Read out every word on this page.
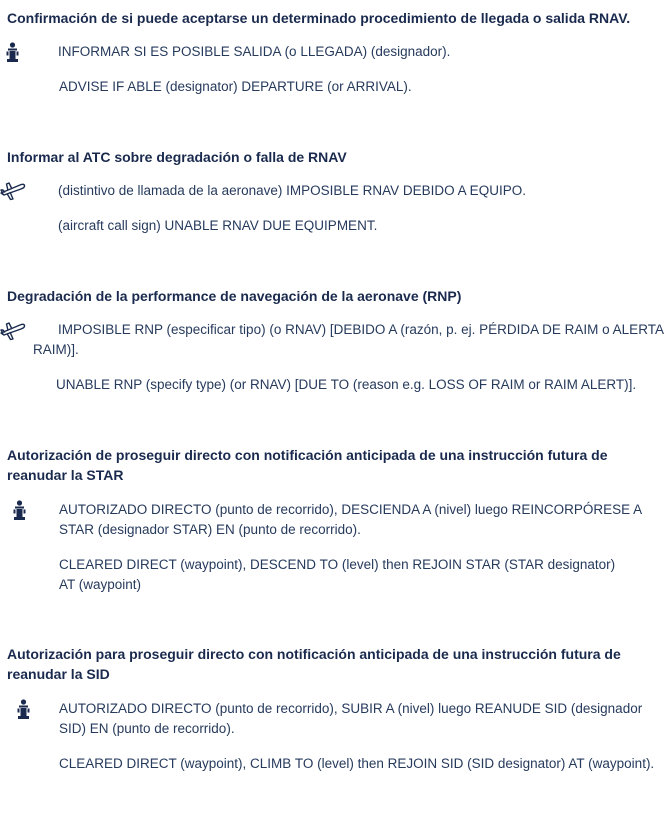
Confirmación de si puede aceptarse un determinado procedimiento de llegada o salida RNAV.
INFORMAR SI ES POSIBLE SALIDA (o LLEGADA) (designador).
ADVISE IF ABLE (designator) DEPARTURE (or ARRIVAL).
Informar al ATC sobre degradación o falla de RNAV
(distintivo de llamada de la aeronave) IMPOSIBLE RNAV DEBIDO A EQUIPO.
(aircraft call sign) UNABLE RNAV DUE EQUIPMENT.
Degradación de la performance de navegación de la aeronave (RNP)
IMPOSIBLE RNP (especificar tipo) (o RNAV) [DEBIDO A (razón, p. ej. PÉRDIDA DE RAIM o ALERTA RAIM)].
UNABLE RNP (specify type) (or RNAV) [DUE TO (reason e.g. LOSS OF RAIM or RAIM ALERT)].
Autorización de proseguir directo con notificación anticipada de una instrucción futura de reanudar la STAR
AUTORIZADO DIRECTO (punto de recorrido), DESCIENDA A (nivel) luego REINCORPÓRESE A STAR (designador STAR) EN (punto de recorrido).
CLEARED DIRECT (waypoint), DESCEND TO (level) then REJOIN STAR (STAR designator) AT (waypoint)
Autorización para proseguir directo con notificación anticipada de una instrucción futura de reanudar la SID
AUTORIZADO DIRECTO (punto de recorrido), SUBIR A (nivel) luego REANUDE SID (designador SID) EN (punto de recorrido).
CLEARED DIRECT (waypoint), CLIMB TO (level) then REJOIN SID (SID designator) AT (waypoint).
